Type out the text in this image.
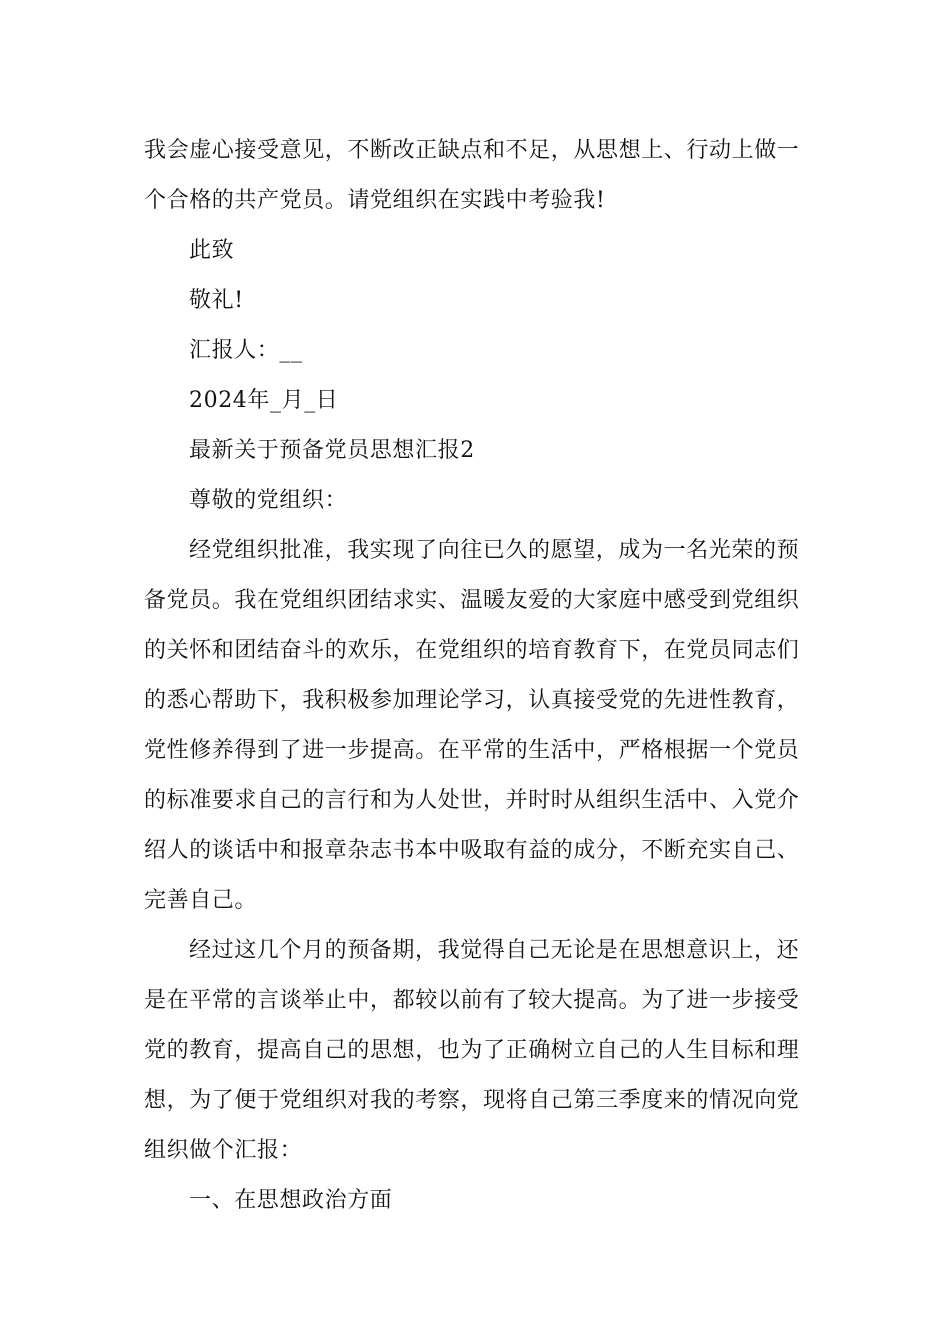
我会虚心接受意见，不断改正缺点和不足，从思想上、行动上做一
个合格的共产党员。请党组织在实践中考验我!
此致
敬礼!
汇报人：__
2024年_月_日
最新关于预备党员思想汇报2
尊敬的党组织：
经党组织批准，我实现了向往已久的愿望，成为一名光荣的预
备党员。我在党组织团结求实、温暖友爱的大家庭中感受到党组织
的关怀和团结奋斗的欢乐，在党组织的培育教育下，在党员同志们
的悉心帮助下，我积极参加理论学习，认真接受党的先进性教育，
党性修养得到了进一步提高。在平常的生活中，严格根据一个党员
的标准要求自己的言行和为人处世，并时时从组织生活中、入党介
绍人的谈话中和报章杂志书本中吸取有益的成分，不断充实自己、
完善自己。
经过这几个月的预备期，我觉得自己无论是在思想意识上，还
是在平常的言谈举止中，都较以前有了较大提高。为了进一步接受
党的教育，提高自己的思想，也为了正确树立自己的人生目标和理
想，为了便于党组织对我的考察，现将自己第三季度来的情况向党
组织做个汇报：
一、在思想政治方面
